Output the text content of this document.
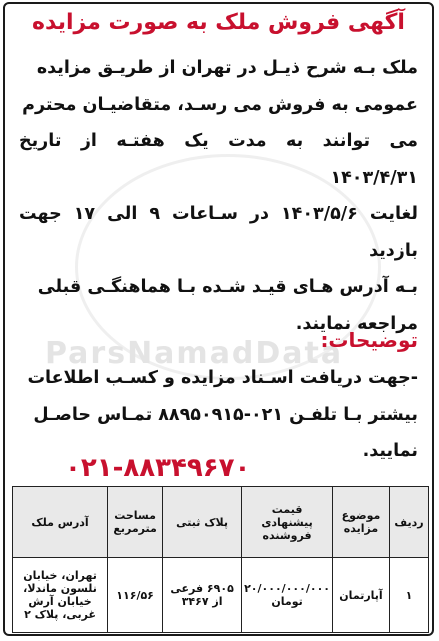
آگهی فروش ملک به صورت مزایده
ParsNamadData
ملک بـه شرح ذیـل در تهران از طریـق مزایده
عمومی به فروش می رسـد، متقاضیـان محترم
می توانند به مدت یک هفتـه از تاریخ ۱۴۰۳/۴/۳۱
لغایت ۱۴۰۳/۵/۶ در سـاعات ۹ الی ۱۷ جهت بازدید
بـه آدرس هـای قیـد شـده بـا هماهنگـی قبلی
مراجعه نمایند.
توضیحات:
-جهت دریافت اسـناد مزایده و کسـب اطلاعات
بیشتر بـا تلفـن ۰۲۱-۸۸۹۵۰۹۱۵ تمـاس حاصـل
نمایید.
۰۲۱-۸۸۳۴۹۶۷۰
ردیف	موضوع مزایده	قیمت پیشنهادی فروشنده	پلاک ثبتی	مساحت مترمربع	آدرس ملک
۱	آپارتمان	۲۰/۰۰۰/۰۰۰/۰۰۰ تومان	۶۹۰۵ فرعی از ۳۴۶۷	۱۱۶/۵۶	تهران، خیابان نلسون ماندلا، خیابان آرش غربی، پلاک ۲
